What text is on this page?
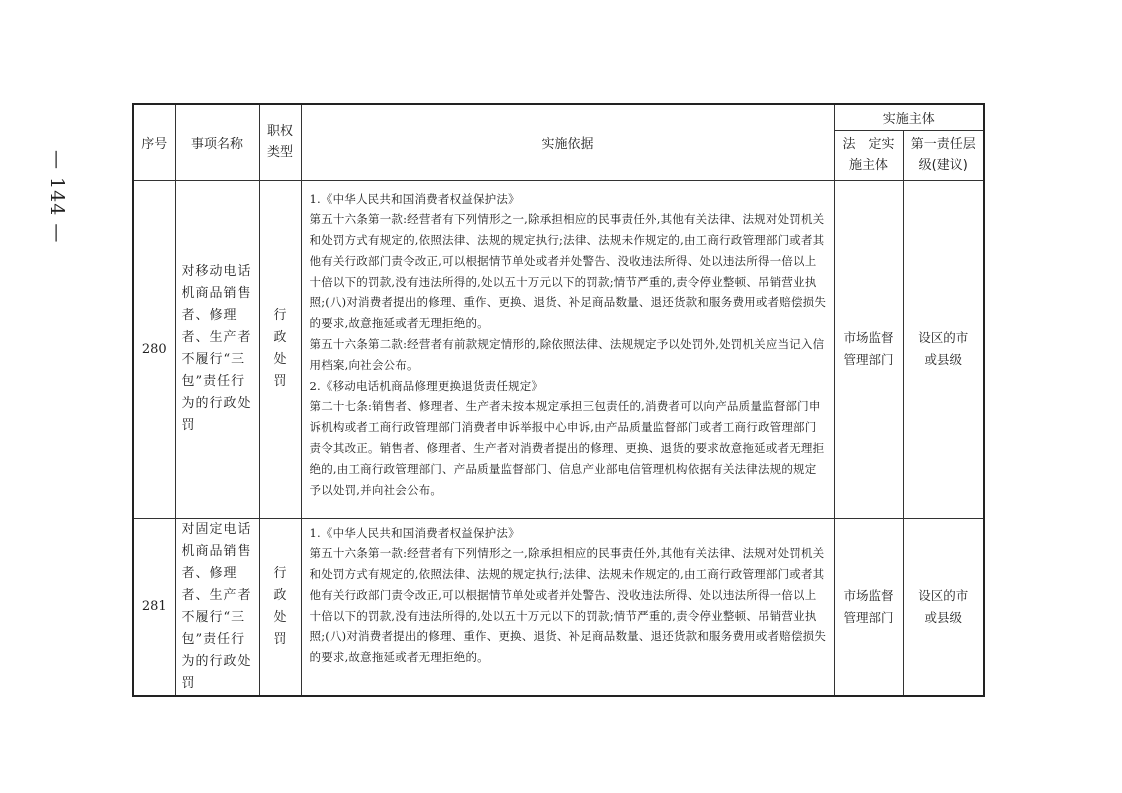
— 144 —
序号	事项名称	职权类型	实施依据	实施主体	
				法　定实施主体	第一责任层级(建议)
280	对移动电话机商品销售者、修理者、生产者不履行“三包”责任行为的行政处罚	行政处罚	1.《中华人民共和国消费者权益保护法》
第五十六条第一款:经营者有下列情形之一,除承担相应的民事责任外,其他有关法律、法规对处罚机关和处罚方式有规定的,依照法律、法规的规定执行;法律、法规未作规定的,由工商行政管理部门或者其他有关行政部门责令改正,可以根据情节单处或者并处警告、没收违法所得、处以违法所得一倍以上十倍以下的罚款,没有违法所得的,处以五十万元以下的罚款;情节严重的,责令停业整顿、吊销营业执照;(八)对消费者提出的修理、重作、更换、退货、补足商品数量、退还货款和服务费用或者赔偿损失的要求,故意拖延或者无理拒绝的。
第五十六条第二款:经营者有前款规定情形的,除依照法律、法规规定予以处罚外,处罚机关应当记入信用档案,向社会公布。
2.《移动电话机商品修理更换退货责任规定》
第二十七条:销售者、修理者、生产者未按本规定承担三包责任的,消费者可以向产品质量监督部门申诉机构或者工商行政管理部门消费者申诉举报中心申诉,由产品质量监督部门或者工商行政管理部门责令其改正。销售者、修理者、生产者对消费者提出的修理、更换、退货的要求故意拖延或者无理拒绝的,由工商行政管理部门、产品质量监督部门、信息产业部电信管理机构依据有关法律法规的规定予以处罚,并向社会公布。	市场监督管理部门	设区的市或县级
281	对固定电话机商品销售者、修理者、生产者不履行“三包”责任行为的行政处罚	行政处罚	1.《中华人民共和国消费者权益保护法》
第五十六条第一款:经营者有下列情形之一,除承担相应的民事责任外,其他有关法律、法规对处罚机关和处罚方式有规定的,依照法律、法规的规定执行;法律、法规未作规定的,由工商行政管理部门或者其他有关行政部门责令改正,可以根据情节单处或者并处警告、没收违法所得、处以违法所得一倍以上十倍以下的罚款,没有违法所得的,处以五十万元以下的罚款;情节严重的,责令停业整顿、吊销营业执照;(八)对消费者提出的修理、重作、更换、退货、补足商品数量、退还货款和服务费用或者赔偿损失的要求,故意拖延或者无理拒绝的。	市场监督管理部门	设区的市或县级
